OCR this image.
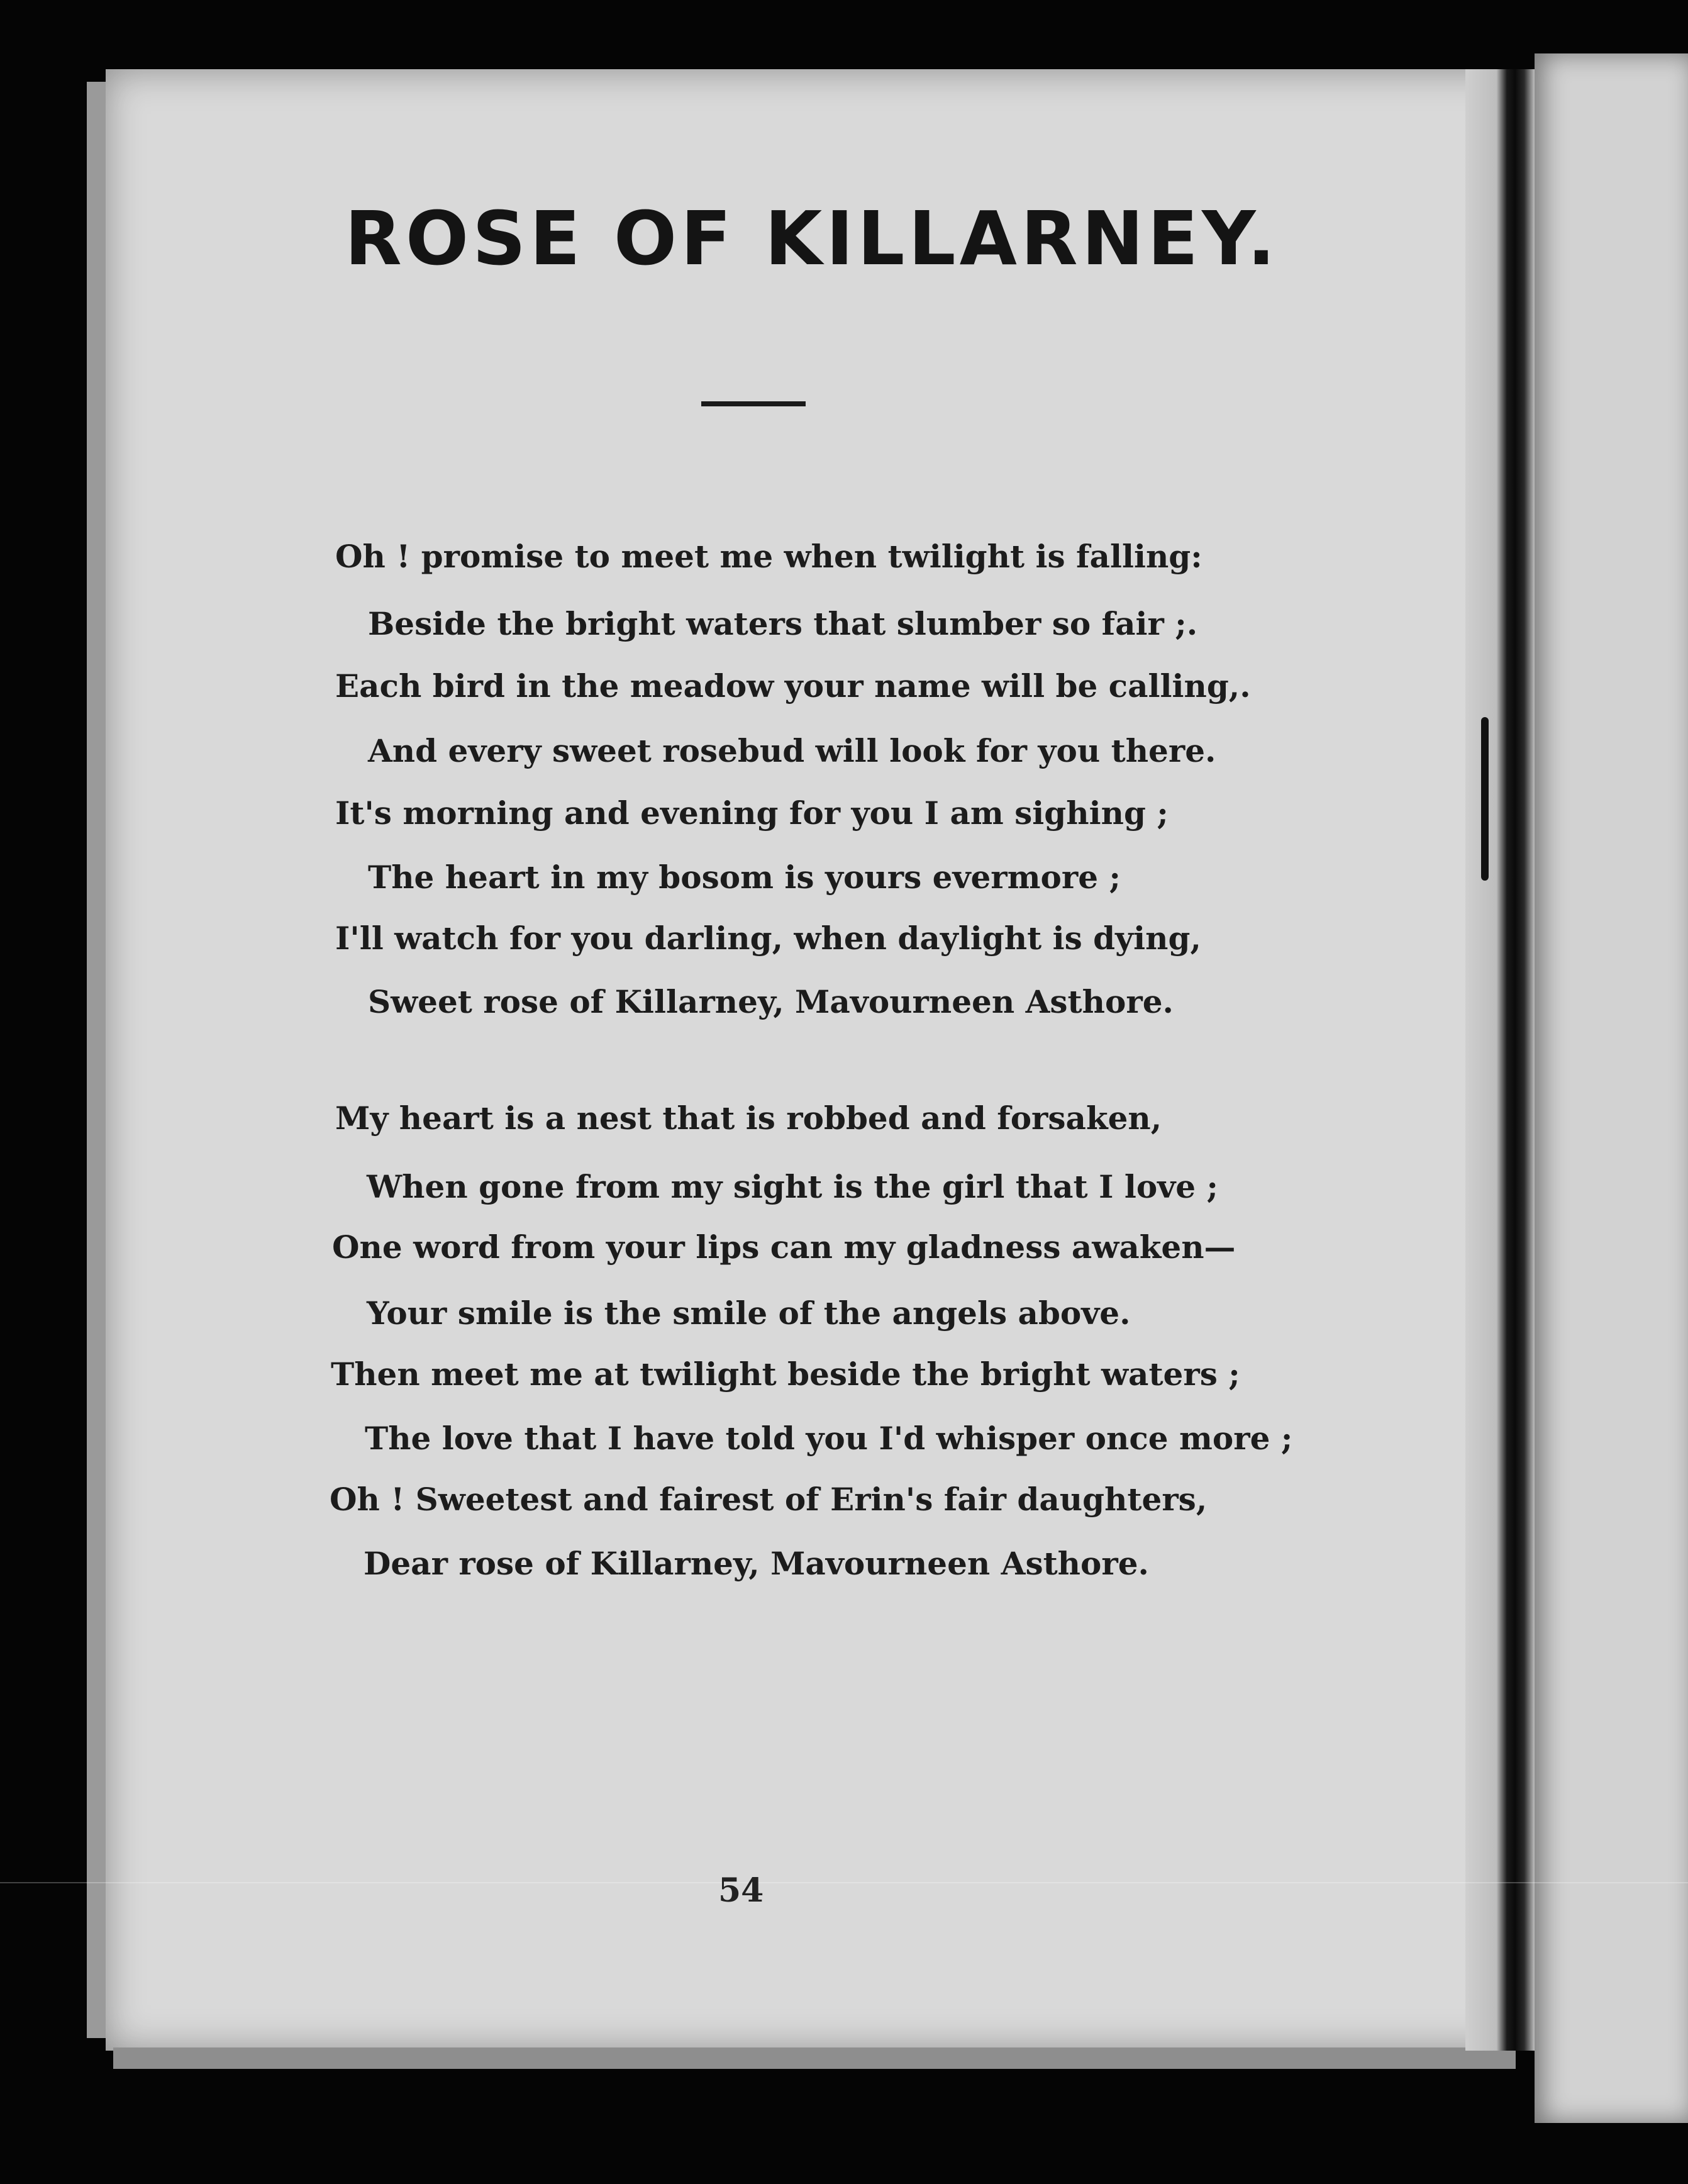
ROSE OF KILLARNEY.

Oh ! promise to meet me when twilight is falling:

Beside the bright waters that slumber so fair ;.

Each bird in the meadow your name will be calling,.

And every sweet rosebud will look for you there.

It's morning and evening for you I am sighing ;

The heart in my bosom is yours evermore ;

I'll watch for you darling, when daylight is dying,

Sweet rose of Killarney, Mavourneen Asthore.

My heart is a nest that is robbed and forsaken,

When gone from my sight is the girl that I love ;

One word from your lips can my gladness awaken—

Your smile is the smile of the angels above.

Then meet me at twilight beside the bright waters ;

The love that I have told you I'd whisper once more ;

Oh ! Sweetest and fairest of Erin's fair daughters,

Dear rose of Killarney, Mavourneen Asthore.

54
